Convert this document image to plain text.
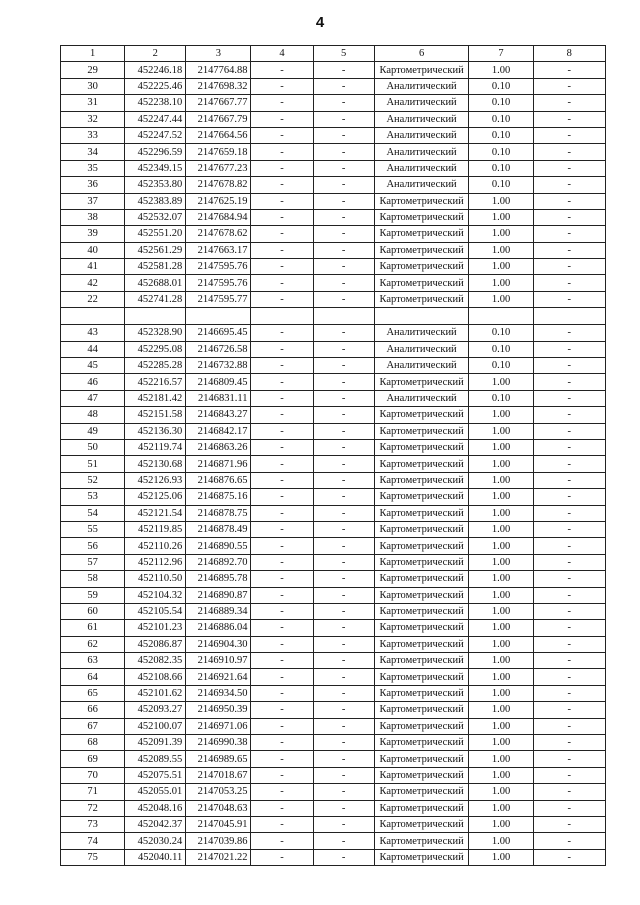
4
1	2	3	4	5	6	7	8
29	452246.18	2147764.88	-	-	Картометрический	1.00	-
30	452225.46	2147698.32	-	-	Аналитический	0.10	-
31	452238.10	2147667.77	-	-	Аналитический	0.10	-
32	452247.44	2147667.79	-	-	Аналитический	0.10	-
33	452247.52	2147664.56	-	-	Аналитический	0.10	-
34	452296.59	2147659.18	-	-	Аналитический	0.10	-
35	452349.15	2147677.23	-	-	Аналитический	0.10	-
36	452353.80	2147678.82	-	-	Аналитический	0.10	-
37	452383.89	2147625.19	-	-	Картометрический	1.00	-
38	452532.07	2147684.94	-	-	Картометрический	1.00	-
39	452551.20	2147678.62	-	-	Картометрический	1.00	-
40	452561.29	2147663.17	-	-	Картометрический	1.00	-
41	452581.28	2147595.76	-	-	Картометрический	1.00	-
42	452688.01	2147595.76	-	-	Картометрический	1.00	-
22	452741.28	2147595.77	-	-	Картометрический	1.00	-

43	452328.90	2146695.45	-	-	Аналитический	0.10	-
44	452295.08	2146726.58	-	-	Аналитический	0.10	-
45	452285.28	2146732.88	-	-	Аналитический	0.10	-
46	452216.57	2146809.45	-	-	Картометрический	1.00	-
47	452181.42	2146831.11	-	-	Аналитический	0.10	-
48	452151.58	2146843.27	-	-	Картометрический	1.00	-
49	452136.30	2146842.17	-	-	Картометрический	1.00	-
50	452119.74	2146863.26	-	-	Картометрический	1.00	-
51	452130.68	2146871.96	-	-	Картометрический	1.00	-
52	452126.93	2146876.65	-	-	Картометрический	1.00	-
53	452125.06	2146875.16	-	-	Картометрический	1.00	-
54	452121.54	2146878.75	-	-	Картометрический	1.00	-
55	452119.85	2146878.49	-	-	Картометрический	1.00	-
56	452110.26	2146890.55	-	-	Картометрический	1.00	-
57	452112.96	2146892.70	-	-	Картометрический	1.00	-
58	452110.50	2146895.78	-	-	Картометрический	1.00	-
59	452104.32	2146890.87	-	-	Картометрический	1.00	-
60	452105.54	2146889.34	-	-	Картометрический	1.00	-
61	452101.23	2146886.04	-	-	Картометрический	1.00	-
62	452086.87	2146904.30	-	-	Картометрический	1.00	-
63	452082.35	2146910.97	-	-	Картометрический	1.00	-
64	452108.66	2146921.64	-	-	Картометрический	1.00	-
65	452101.62	2146934.50	-	-	Картометрический	1.00	-
66	452093.27	2146950.39	-	-	Картометрический	1.00	-
67	452100.07	2146971.06	-	-	Картометрический	1.00	-
68	452091.39	2146990.38	-	-	Картометрический	1.00	-
69	452089.55	2146989.65	-	-	Картометрический	1.00	-
70	452075.51	2147018.67	-	-	Картометрический	1.00	-
71	452055.01	2147053.25	-	-	Картометрический	1.00	-
72	452048.16	2147048.63	-	-	Картометрический	1.00	-
73	452042.37	2147045.91	-	-	Картометрический	1.00	-
74	452030.24	2147039.86	-	-	Картометрический	1.00	-
75	452040.11	2147021.22	-	-	Картометрический	1.00	-
